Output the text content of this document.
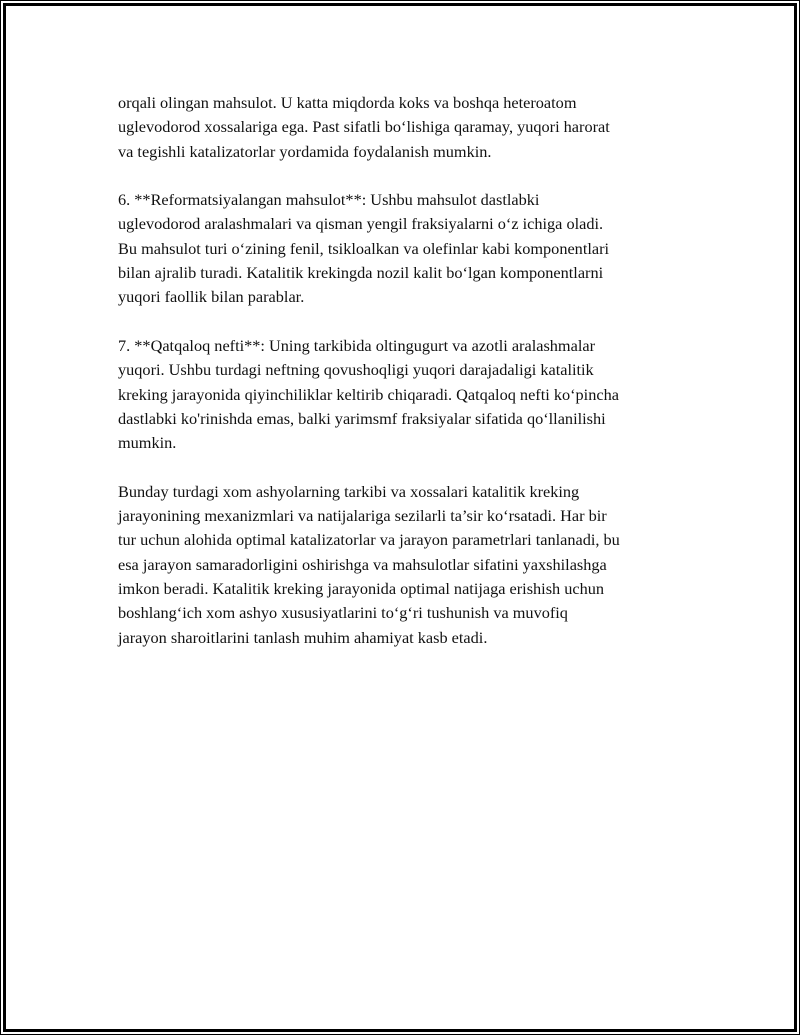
orqali olingan mahsulot. U katta miqdorda koks va boshqa heteroatom
uglevodorod xossalariga ega. Past sifatli bo‘lishiga qaramay, yuqori harorat
va tegishli katalizatorlar yordamida foydalanish mumkin.

6. **Reformatsiyalangan mahsulot**: Ushbu mahsulot dastlabki
uglevodorod aralashmalari va qisman yengil fraksiyalarni o‘z ichiga oladi.
Bu mahsulot turi o‘zining fenil, tsikloalkan va olefinlar kabi komponentlari
bilan ajralib turadi. Katalitik krekingda nozil kalit bo‘lgan komponentlarni
yuqori faollik bilan parablar.

7. **Qatqaloq nefti**: Uning tarkibida oltingugurt va azotli aralashmalar
yuqori. Ushbu turdagi neftning qovushoqligi yuqori darajadaligi katalitik
kreking jarayonida qiyinchiliklar keltirib chiqaradi. Qatqaloq nefti ko‘pincha
dastlabki ko'rinishda emas, balki yarimsmf fraksiyalar sifatida qo‘llanilishi
mumkin.

Bunday turdagi xom ashyolarning tarkibi va xossalari katalitik kreking
jarayonining mexanizmlari va natijalariga sezilarli ta’sir ko‘rsatadi. Har bir
tur uchun alohida optimal katalizatorlar va jarayon parametrlari tanlanadi, bu
esa jarayon samaradorligini oshirishga va mahsulotlar sifatini yaxshilashga
imkon beradi. Katalitik kreking jarayonida optimal natijaga erishish uchun
boshlang‘ich xom ashyo xususiyatlarini to‘g‘ri tushunish va muvofiq
jarayon sharoitlarini tanlash muhim ahamiyat kasb etadi.
